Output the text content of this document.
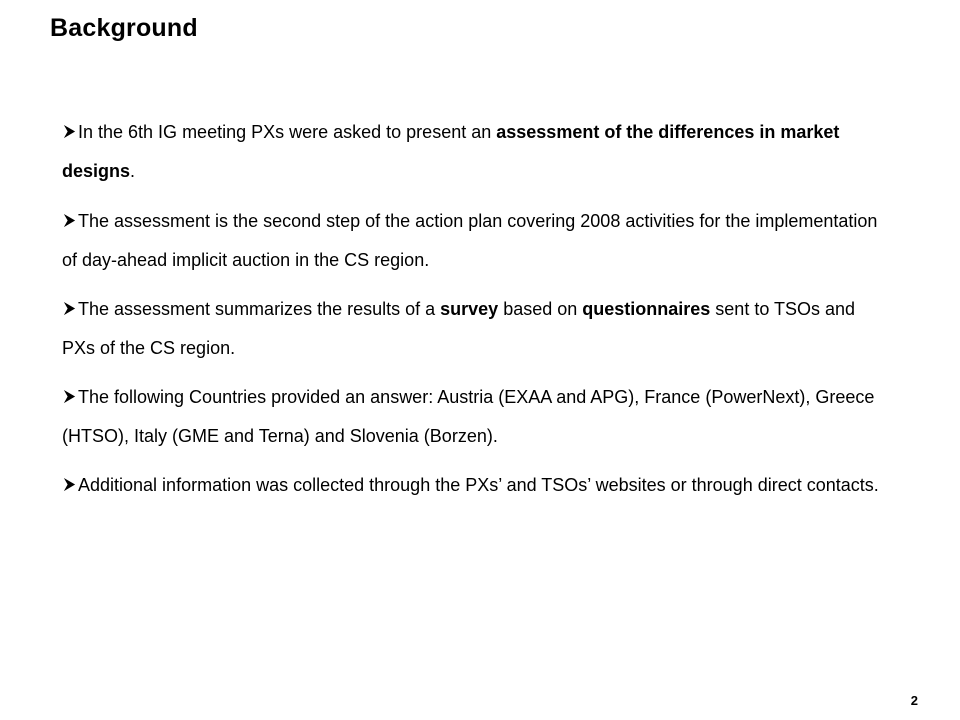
Background
In the 6th IG meeting PXs were asked to present an assessment of the differences in market designs.
The assessment is the second step of the action plan covering 2008 activities for the implementation of day-ahead implicit auction in the CS region.
The assessment summarizes the results of a survey based on questionnaires sent to TSOs and PXs of the CS region.
The following Countries provided an answer: Austria (EXAA and APG), France (PowerNext), Greece (HTSO), Italy (GME and Terna) and Slovenia (Borzen).
Additional information was collected through the PXs’ and TSOs’ websites or through direct contacts.
2
